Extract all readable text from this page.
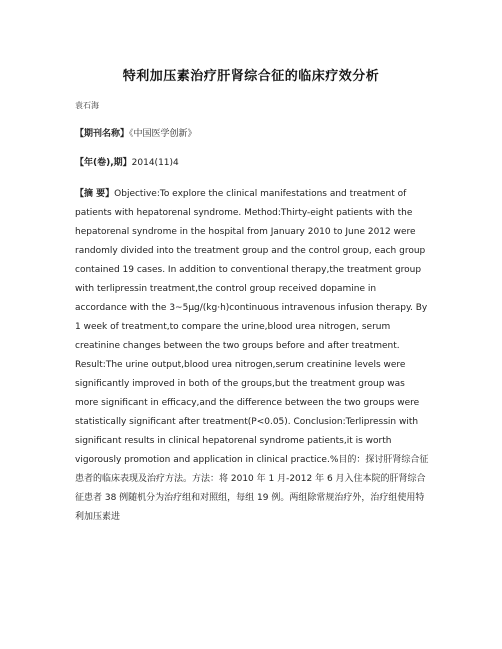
特利加压素治疗肝肾综合征的临床疗效分析
袁石海
【期刊名称】《中国医学创新》
【年(卷),期】2014(11)4
【摘 要】Objective:To explore the clinical manifestations and treatment of patients with hepatorenal syndrome. Method:Thirty-eight patients with the hepatorenal syndrome in the hospital from January 2010 to June 2012 were randomly divided into the treatment group and the control group, each group contained 19 cases. In addition to conventional therapy,the treatment group with terlipressin treatment,the control group received dopamine in accordance with the 3~5μg/(kg·h)continuous intravenous infusion therapy. By 1 week of treatment,to compare the urine,blood urea nitrogen, serum creatinine changes between the two groups before and after treatment. Result:The urine output,blood urea nitrogen,serum creatinine levels were significantly improved in both of the groups,but the treatment group was more significant in efficacy,and the difference between the two groups were statistically significant after treatment(P<0.05). Conclusion:Terlipressin with significant results in clinical hepatorenal syndrome patients,it is worth vigorously promotion and application in clinical practice.%目的：探讨肝肾综合征患者的临床表现及治疗方法。方法：将 2010 年 1 月-2012 年 6 月入住本院的肝肾综合征患者 38 例随机分为治疗组和对照组，每组 19 例。两组除常规治疗外，治疗组使用特利加压素进
